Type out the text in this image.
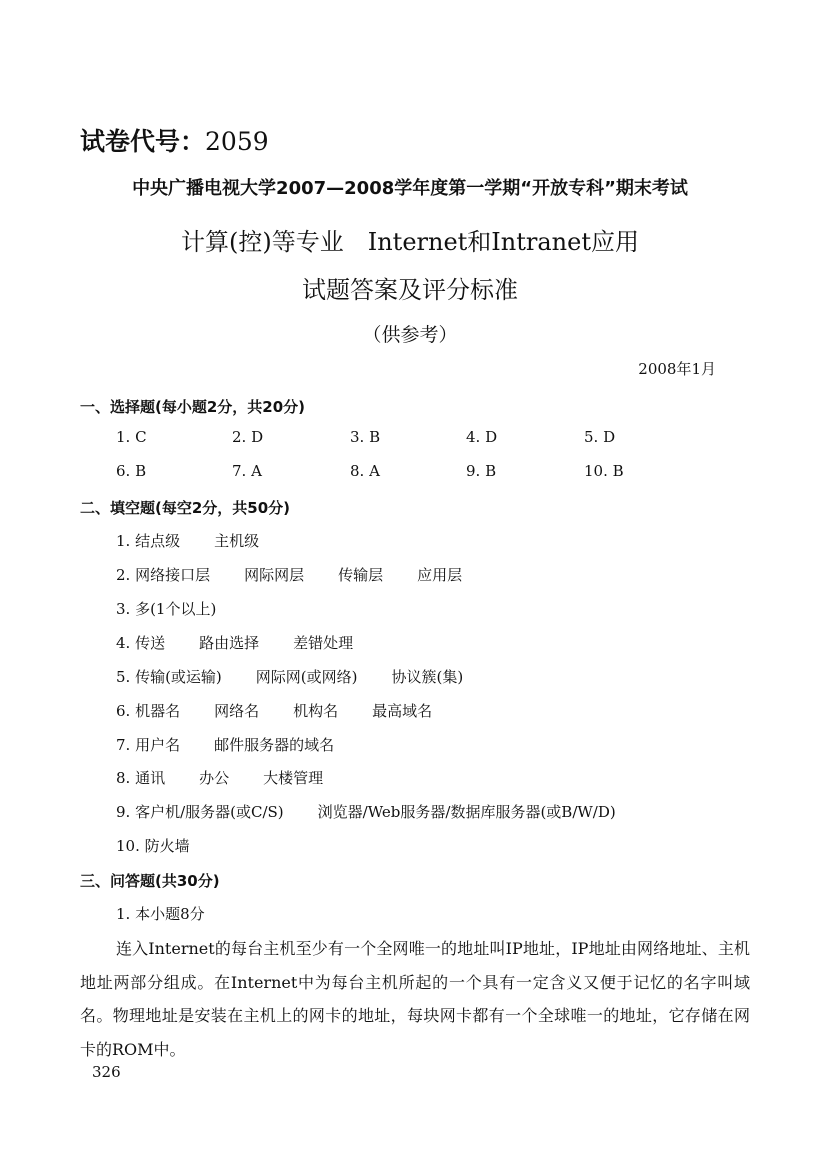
试卷代号：2059
中央广播电视大学2007—2008学年度第一学期“开放专科”期末考试
计算(控)等专业　Internet和Intranet应用
试题答案及评分标准
（供参考）
2008年1月
一、选择题(每小题2分，共20分)
1. C	2. D	3. B	4. D	5. D
6. B	7. A	8. A	9. B	10. B
二、填空题(每空2分，共50分)
1. 结点级 主机级
2. 网络接口层 网际网层 传输层 应用层
3. 多(1个以上)
4. 传送 路由选择 差错处理
5. 传输(或运输) 网际网(或网络) 协议簇(集)
6. 机器名 网络名 机构名 最高域名
7. 用户名 邮件服务器的域名
8. 通讯 办公 大楼管理
9. 客户机/服务器(或C/S) 浏览器/Web服务器/数据库服务器(或B/W/D)
10. 防火墙
三、问答题(共30分)
1. 本小题8分

连入Internet的每台主机至少有一个全网唯一的地址叫IP地址，IP地址由网络地址、主机地址两部分组成。在Internet中为每台主机所起的一个具有一定含义又便于记忆的名字叫域名。物理地址是安装在主机上的网卡的地址，每块网卡都有一个全球唯一的地址，它存储在网卡的ROM中。

326
